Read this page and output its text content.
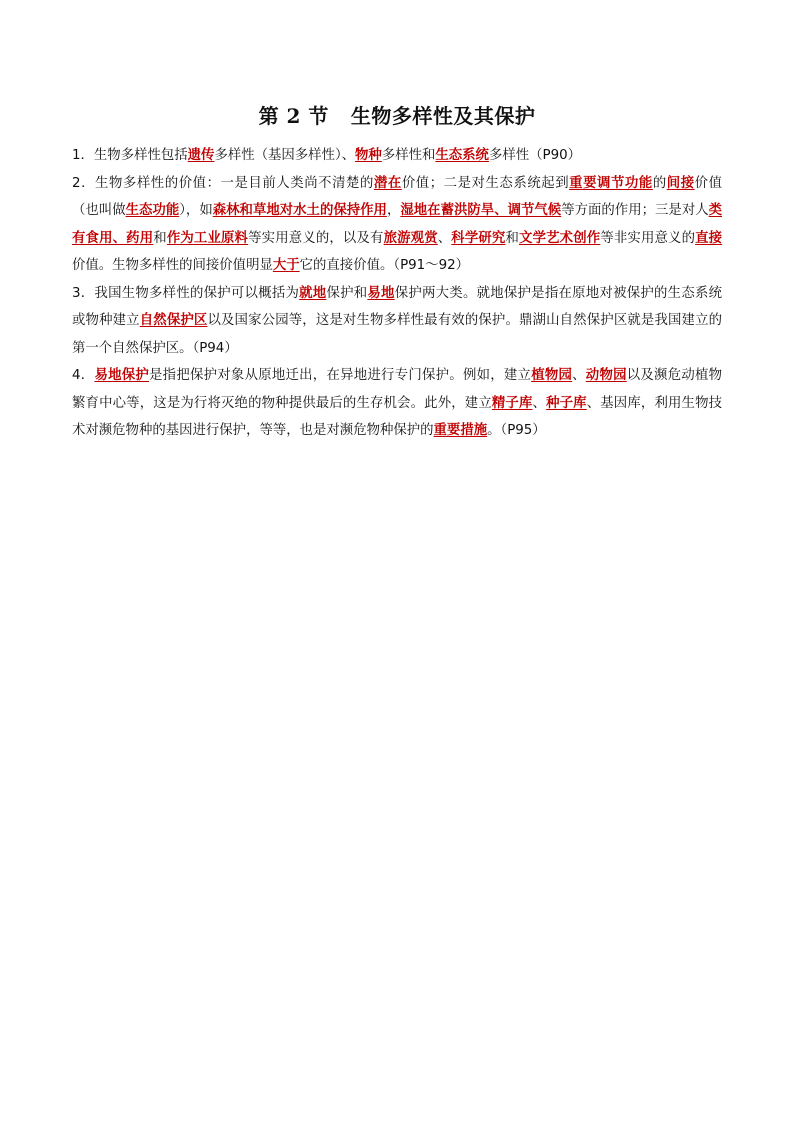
第 2 节 生物多样性及其保护

1．生物多样性包括遗传多样性（基因多样性）、物种多样性和生态系统多样性（P90）

2．生物多样性的价值：一是目前人类尚不清楚的潜在价值；二是对生态系统起到重要调节功能的间接价值（也叫做生态功能），如森林和草地对水土的保持作用，湿地在蓄洪防旱、调节气候等方面的作用；三是对人类有食用、药用和作为工业原料等实用意义的，以及有旅游观赏、科学研究和文学艺术创作等非实用意义的直接价值。生物多样性的间接价值明显大于它的直接价值。（P91～92）

3．我国生物多样性的保护可以概括为就地保护和易地保护两大类。就地保护是指在原地对被保护的生态系统或物种建立自然保护区以及国家公园等，这是对生物多样性最有效的保护。鼎湖山自然保护区就是我国建立的第一个自然保护区。（P94）

4．易地保护是指把保护对象从原地迁出，在异地进行专门保护。例如，建立植物园、动物园以及濒危动植物繁育中心等，这是为行将灭绝的物种提供最后的生存机会。此外，建立精子库、种子库、基因库，利用生物技术对濒危物种的基因进行保护，等等，也是对濒危物种保护的重要措施。（P95）
